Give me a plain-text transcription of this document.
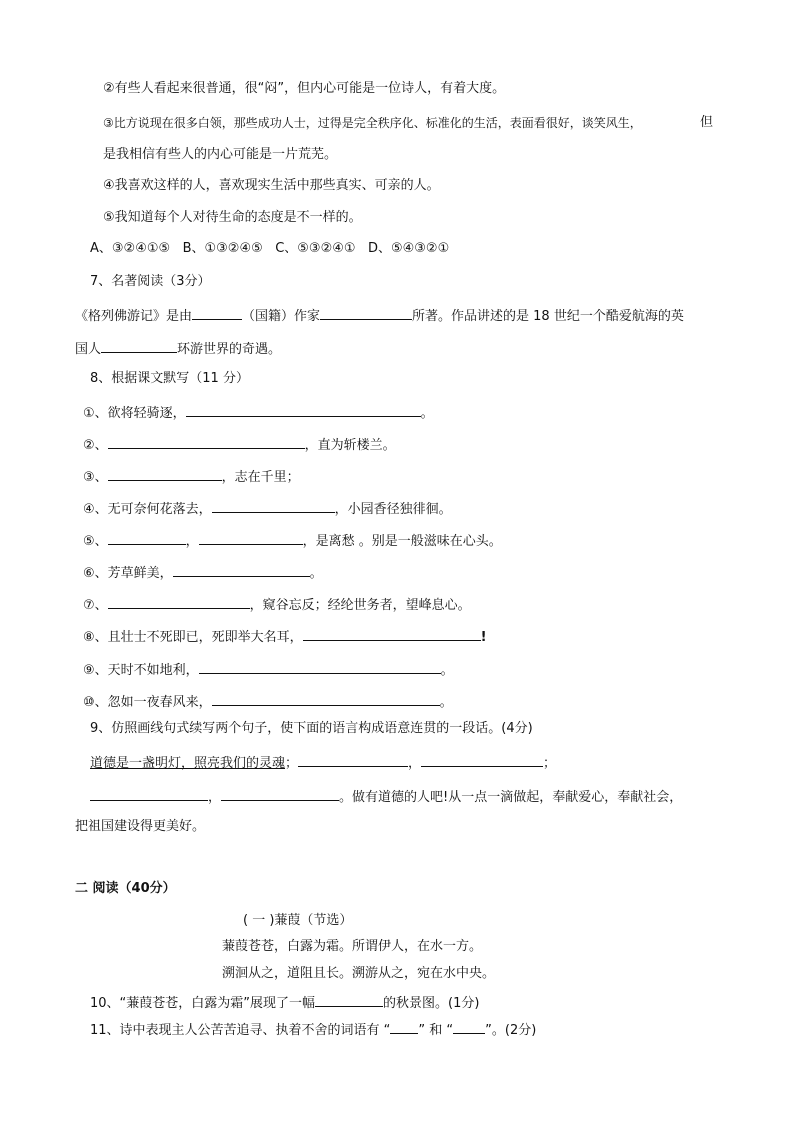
②有些人看起来很普通，很“闷”，但内心可能是一位诗人，有着大度。
③比方说现在很多白领，那些成功人士，过得是完全秩序化、标准化的生活，表面看很好，谈笑风生，	但
是我相信有些人的内心可能是一片荒芜。
④我喜欢这样的人，喜欢现实生活中那些真实、可亲的人。
⑤我知道每个人对待生命的态度是不一样的。
A、③②④①⑤ B、①③②④⑤ C、⑤③②④① D、⑤④③②①
7、名著阅读（3分）
《格列佛游记》是由	（国籍）作家	所著。作品讲述的是 18 世纪一个酷爱航海的英
国人	环游世界的奇遇。
8、根据课文默写（11 分）
①、欲将轻骑逐，	。
②、	，直为斩楼兰。
③、	，志在千里；
④、无可奈何花落去，	，小园香径独徘徊。
⑤、	，	，是离愁 。别是一般滋味在心头。
⑥、芳草鲜美，	。
⑦、	，窥谷忘反；经纶世务者，望峰息心。
⑧、且壮士不死即已，死即举大名耳，	!
⑨、天时不如地利，	。
⑩、忽如一夜春风来，	。
9、仿照画线句式续写两个句子，使下面的语言构成语意连贯的一段话。(4分)
道德是一盏明灯，照亮我们的灵魂；	，	；
，	。做有道德的人吧!从一点一滴做起，奉献爱心，奉献社会，
把祖国建设得更美好。
二 阅读（40分）
( 一 )蒹葭（节选）
蒹葭苍苍，白露为霜。所谓伊人，在水一方。
溯洄从之，道阻且长。溯游从之，宛在水中央。
10、“蒹葭苍苍，白露为霜”展现了一幅	的秋景图。(1分)
11、诗中表现主人公苦苦追寻、执着不舍的词语有 “ ” 和 “ ”。(2分)
